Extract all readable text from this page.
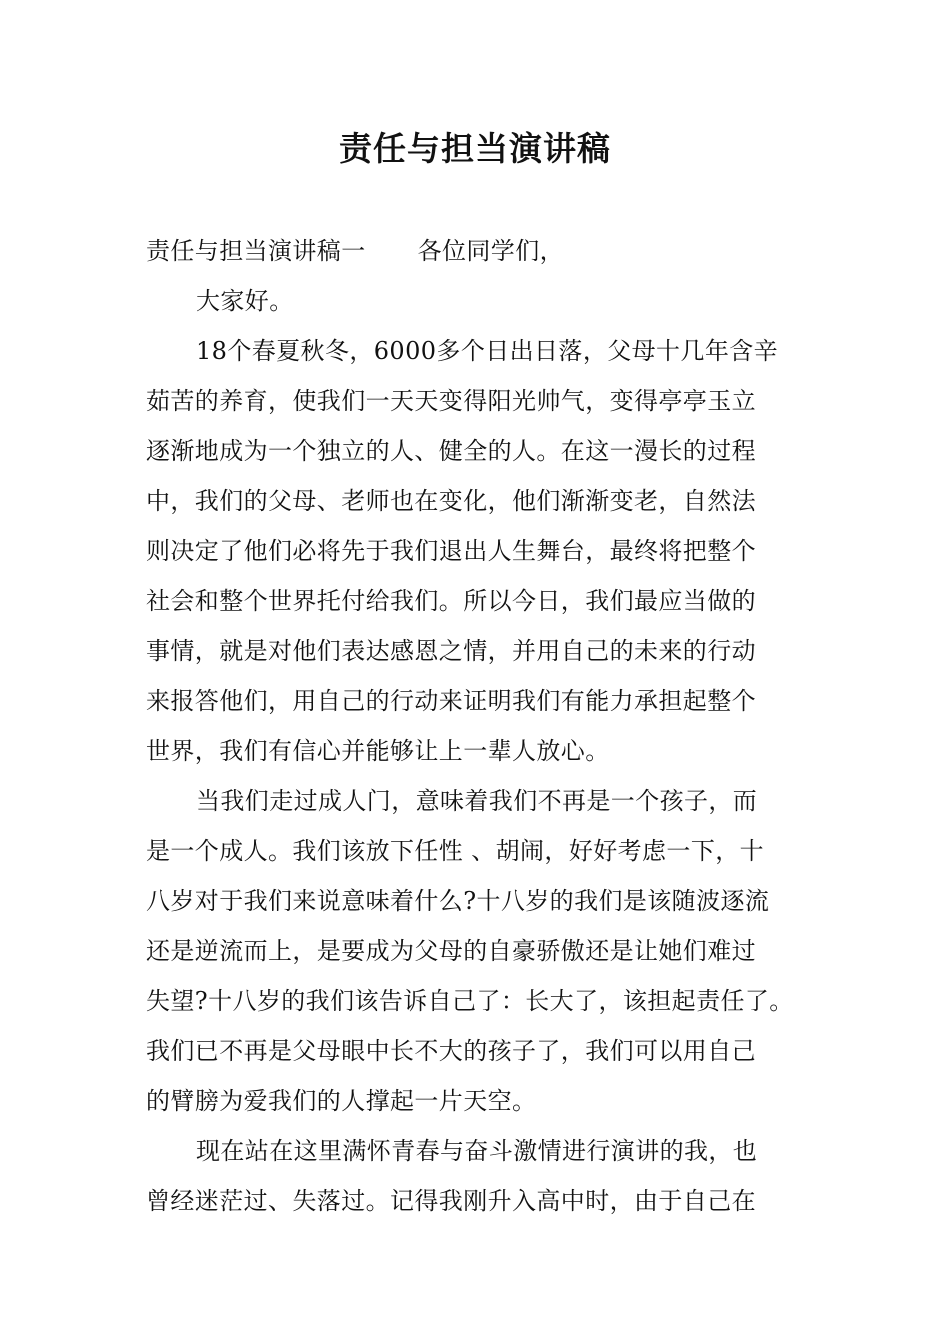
责任与担当演讲稿
责任与担当演讲稿一 各位同学们，
大家好。
18个春夏秋冬，6000多个日出日落，父母十几年含辛
茹苦的养育，使我们一天天变得阳光帅气，变得亭亭玉立
逐渐地成为一个独立的人、健全的人。在这一漫长的过程
中，我们的父母、老师也在变化，他们渐渐变老，自然法
则决定了他们必将先于我们退出人生舞台，最终将把整个
社会和整个世界托付给我们。所以今日，我们最应当做的
事情，就是对他们表达感恩之情，并用自己的未来的行动
来报答他们，用自己的行动来证明我们有能力承担起整个
世界，我们有信心并能够让上一辈人放心。
当我们走过成人门，意味着我们不再是一个孩子，而
是一个成人。我们该放下任性 、胡闹，好好考虑一下，十
八岁对于我们来说意味着什么?十八岁的我们是该随波逐流
还是逆流而上，是要成为父母的自豪骄傲还是让她们难过
失望?十八岁的我们该告诉自己了：长大了，该担起责任了。
我们已不再是父母眼中长不大的孩子了，我们可以用自己
的臂膀为爱我们的人撑起一片天空。
现在站在这里满怀青春与奋斗激情进行演讲的我，也
曾经迷茫过、失落过。记得我刚升入高中时，由于自己在
